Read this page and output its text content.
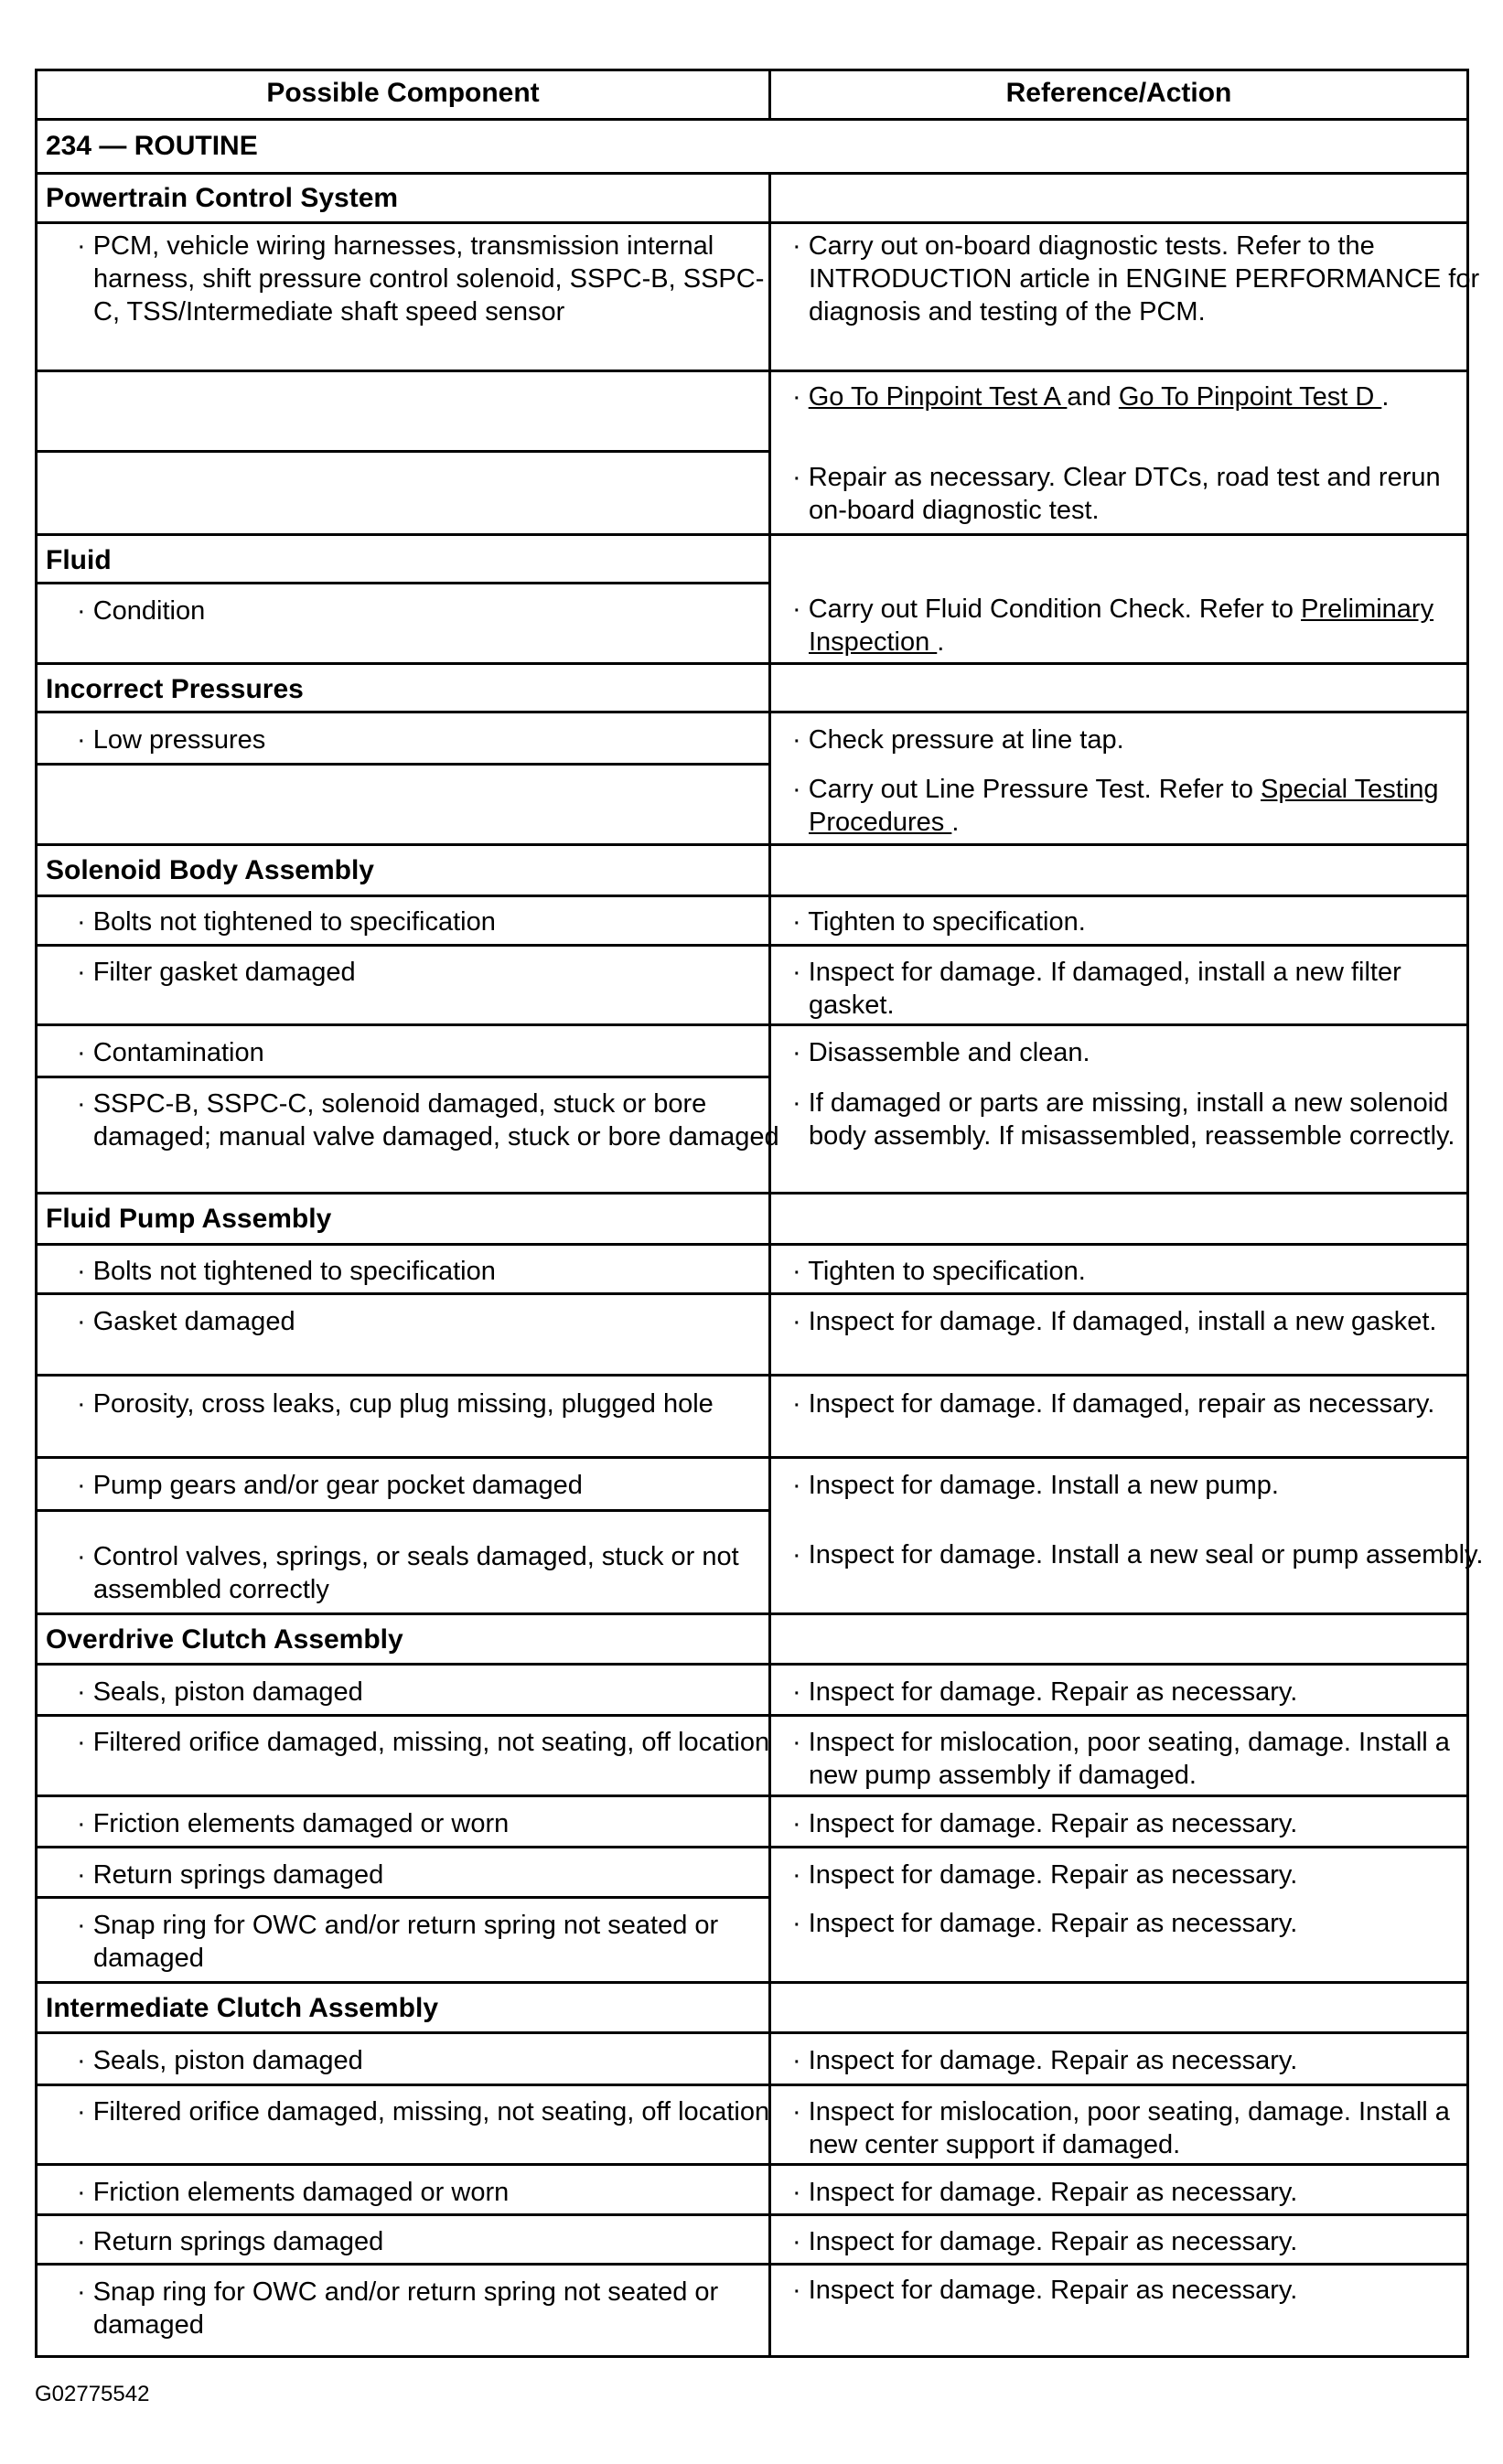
Possible Component	Reference/Action
234 — ROUTINE
Powertrain Control System
Fluid
Incorrect Pressures
Solenoid Body Assembly
Fluid Pump Assembly
Overdrive Clutch Assembly
Intermediate Clutch Assembly
· PCM, vehicle wiring harnesses, transmission internal harness, shift pressure control solenoid, SSPC-B, SSPC-C, TSS/Intermediate shaft speed sensor
· Condition
· Low pressures
· Bolts not tightened to specification
· Filter gasket damaged
· Contamination
· SSPC-B, SSPC-C, solenoid damaged, stuck or bore damaged; manual valve damaged, stuck or bore damaged
· Bolts not tightened to specification
· Gasket damaged
· Porosity, cross leaks, cup plug missing, plugged hole
· Pump gears and/or gear pocket damaged
· Control valves, springs, or seals damaged, stuck or not assembled correctly
· Seals, piston damaged
· Filtered orifice damaged, missing, not seating, off location
· Friction elements damaged or worn
· Return springs damaged
· Snap ring for OWC and/or return spring not seated or damaged
· Seals, piston damaged
· Filtered orifice damaged, missing, not seating, off location
· Friction elements damaged or worn
· Return springs damaged
· Snap ring for OWC and/or return spring not seated or damaged
· Carry out on-board diagnostic tests. Refer to the INTRODUCTION article in ENGINE PERFORMANCE for diagnosis and testing of the PCM.
· Go To Pinpoint Test A and Go To Pinpoint Test D .
· Repair as necessary. Clear DTCs, road test and rerun on-board diagnostic test.
· Carry out Fluid Condition Check. Refer to Preliminary Inspection .
· Check pressure at line tap.
· Carry out Line Pressure Test. Refer to Special Testing Procedures .
· Tighten to specification.
· Inspect for damage. If damaged, install a new filter gasket.
· Disassemble and clean.
· If damaged or parts are missing, install a new solenoid body assembly. If misassembled, reassemble correctly.
· Tighten to specification.
· Inspect for damage. If damaged, install a new gasket.
· Inspect for damage. If damaged, repair as necessary.
· Inspect for damage. Install a new pump.
· Inspect for damage. Install a new seal or pump assembly.
· Inspect for damage. Repair as necessary.
· Inspect for mislocation, poor seating, damage. Install a new pump assembly if damaged.
· Inspect for damage. Repair as necessary.
· Inspect for damage. Repair as necessary.
· Inspect for damage. Repair as necessary.
· Inspect for damage. Repair as necessary.
· Inspect for mislocation, poor seating, damage. Install a new center support if damaged.
· Inspect for damage. Repair as necessary.
· Inspect for damage. Repair as necessary.
· Inspect for damage. Repair as necessary.
G02775542
